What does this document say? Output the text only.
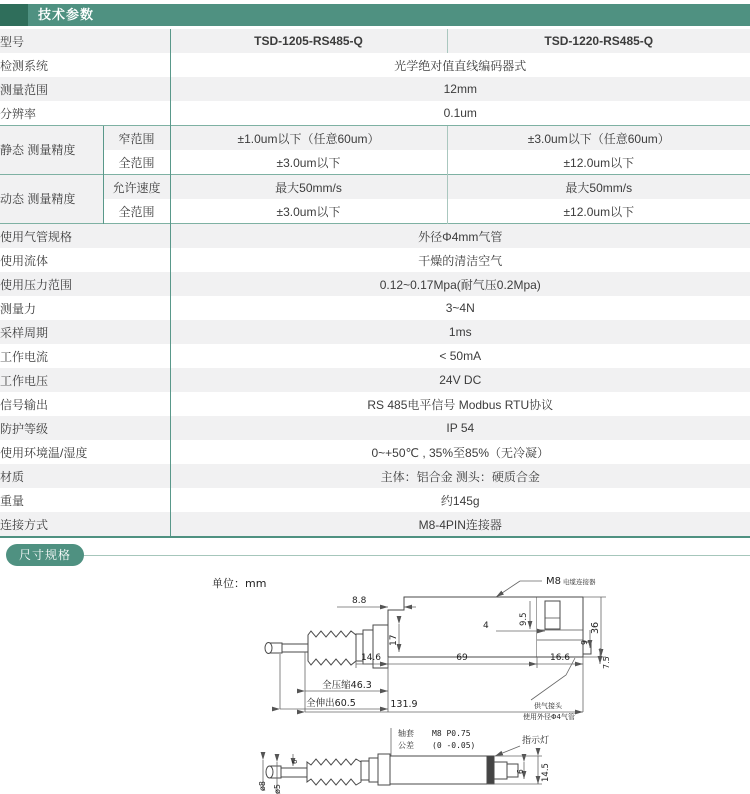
技术参数
型号		TSD-1205-RS485-Q	TSD-1220-RS485-Q
检测系统		光学绝对值直线编码器式	
测量范围		12mm	
分辨率		0.1um	
静态 测量精度	窄范围	±1.0um以下（任意60um）	±3.0um以下（任意60um）
	全范围	±3.0um以下	±12.0um以下
动态 测量精度	允许速度	最大50mm/s	最大50mm/s
	全范围	±3.0um以下	±12.0um以下
使用气管规格		外径Φ4mm气管	
使用流体		干燥的清洁空气	
使用压力范围		0.12~0.17Mpa(耐气压0.2Mpa)	
测量力		3~4N	
采样周期		1ms	
工作电流		< 50mA	
工作电压		24V DC	
信号输出		RS 485电平信号 Modbus RTU协议	
防护等级		IP 54	
使用环境温/湿度		0~+50℃ , 35%至85%（无冷凝）	
材质		主体：铝合金 测头：硬质合金	
重量		约145g	
连接方式		M8-4PIN连接器	
尺寸规格
单位：mm
8.8
17
4	9.5
36
9
7.5
14.6	69	16.6
全压缩46.3
全伸出60.5	131.9
M8 电缆连接器
供气接头
使用外径Φ4气管
轴套 M8 P0.75
公差 (0 -0.05)	指示灯
ø8 ø5
6
6 14.5
